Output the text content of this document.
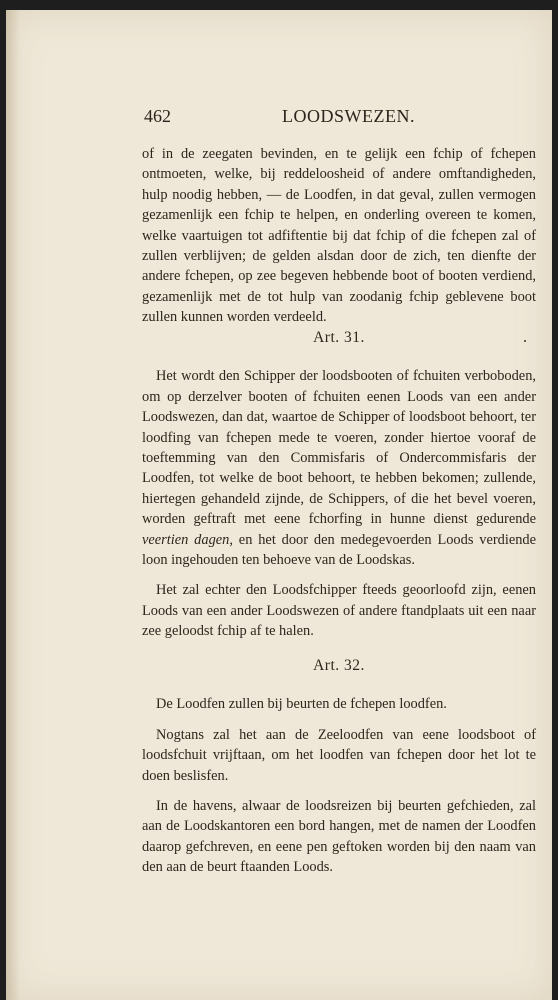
462	LOODSWEZEN.

of in de zeegaten bevinden, en te gelijk een fchip of fchepen ontmoeten, welke, bij reddeloosheid of andere omftandigheden, hulp noodig hebben, — de Loodfen, in dat geval, zullen vermogen gezamenlijk een fchip te helpen, en onderling overeen te komen, welke vaartuigen tot adfiftentie bij dat fchip of die fchepen zal of zullen verblijven; de gelden alsdan door de zich, ten dienfte der andere fchepen, op zee begeven hebbende boot of booten verdiend, gezamenlijk met de tot hulp van zoodanig fchip geblevene boot zullen kunnen worden verdeeld.

Art. 31.

Het wordt den Schipper der loodsbooten of fchuiten verboboden, om op derzelver booten of fchuiten eenen Loods van een ander Loodswezen, dan dat, waartoe de Schipper of loodsboot behoort, ter loodfing van fchepen mede te voeren, zonder hiertoe vooraf de toeftemming van den Commisfaris of Ondercommisfaris der Loodfen, tot welke de boot behoort, te hebben bekomen; zullende, hiertegen gehandeld zijnde, de Schippers, of die het bevel voeren, worden geftraft met eene fchorfing in hunne dienst gedurende veertien dagen, en het door den medegevoerden Loods verdiende loon ingehouden ten behoeve van de Loodskas.

Het zal echter den Loodsfchipper fteeds geoorloofd zijn, eenen Loods van een ander Loodswezen of andere ftandplaats uit een naar zee geloodst fchip af te halen.

Art. 32.

De Loodfen zullen bij beurten de fchepen loodfen.

Nogtans zal het aan de Zeeloodfen van eene loodsboot of loodsfchuit vrijftaan, om het loodfen van fchepen door het lot te doen beslisfen.

In de havens, alwaar de loodsreizen bij beurten gefchieden, zal aan de Loodskantoren een bord hangen, met de namen der Loodfen daarop gefchreven, en eene pen geftoken worden bij den naam van den aan de beurt ftaanden Loods.
